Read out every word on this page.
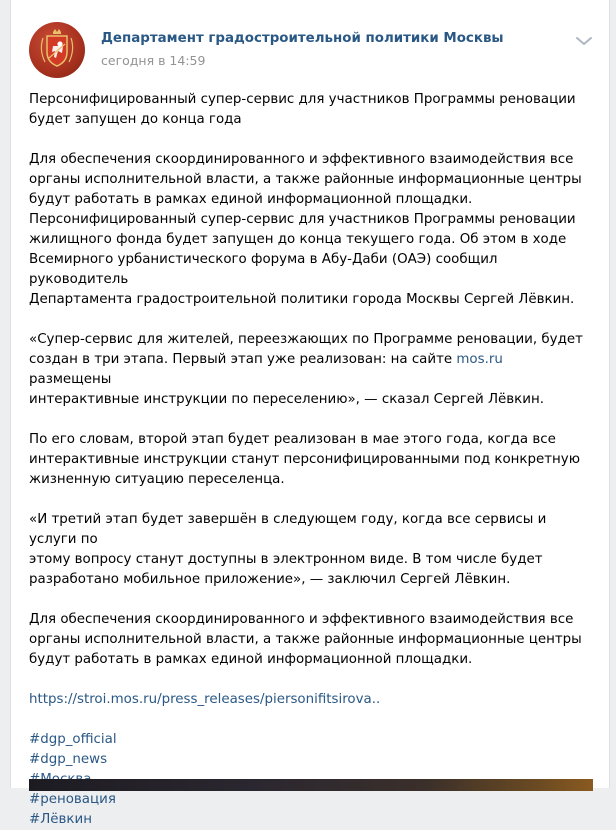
Департамент градостроительной политики Москвы
сегодня в 14:59
Персонифицированный супер-сервис для участников Программы реновации
будет запущен до конца года
Для обеспечения скоординированного и эффективного взаимодействия все
органы исполнительной власти, а также районные информационные центры
будут работать в рамках единой информационной площадки.
Персонифицированный супер-сервис для участников Программы реновации
жилищного фонда будет запущен до конца текущего года. Об этом в ходе
Всемирного урбанистического форума в Абу-Даби (ОАЭ) сообщил руководитель
Департамента градостроительной политики города Москвы Сергей Лёвкин.
«Супер-сервис для жителей, переезжающих по Программе реновации, будет
создан в три этапа. Первый этап уже реализован: на сайте mos.ru размещены
интерактивные инструкции по переселению», — сказал Сергей Лёвкин.
По его словам, второй этап будет реализован в мае этого года, когда все
интерактивные инструкции станут персонифицированными под конкретную
жизненную ситуацию переселенца.
«И третий этап будет завершён в следующем году, когда все сервисы и услуги по
этому вопросу станут доступны в электронном виде. В том числе будет
разработано мобильное приложение», — заключил Сергей Лёвкин.
Для обеспечения скоординированного и эффективного взаимодействия все
органы исполнительной власти, а также районные информационные центры
будут работать в рамках единой информационной площадки.
https://stroi.mos.ru/press_releases/piersonifitsirova..
#dgp_official
#dgp_news
#реновация
#Лёвкин
